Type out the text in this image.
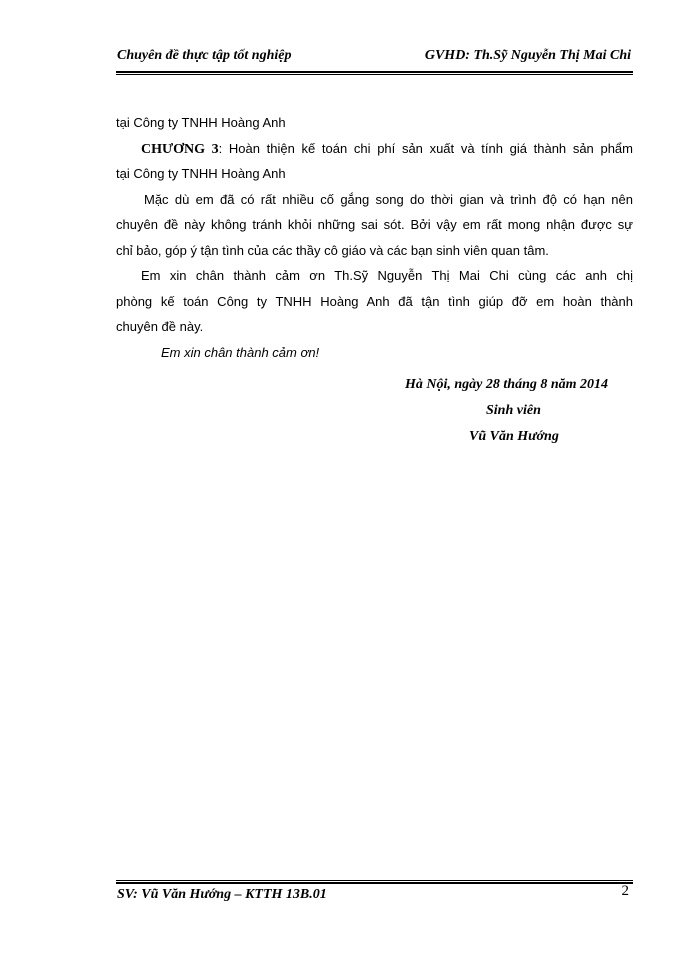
Chuyên đề thực tập tốt nghiệp	GVHD: Th.Sỹ Nguyễn Thị Mai Chi
tại Công ty TNHH Hoàng Anh
CHƯƠNG 3: Hoàn thiện kế toán chi phí sản xuất và tính giá thành sản phẩm
tại Công ty TNHH Hoàng Anh
Mặc dù em đã có rất nhiều cố gắng song do thời gian và trình độ có hạn nên
chuyên đề này không tránh khỏi những sai sót. Bởi vậy em rất mong nhận được sự
chỉ bảo, góp ý tận tình của các thầy cô giáo và các bạn sinh viên quan tâm.
Em xin chân thành cảm ơn Th.Sỹ Nguyễn Thị Mai Chi cùng các anh chị
phòng kế toán Công ty TNHH Hoàng Anh đã tận tình giúp đỡ em hoàn thành
chuyên đề này.
Em xin chân thành cảm ơn!
Hà Nội, ngày 28 tháng 8 năm 2014
Sinh viên
Vũ Văn Hướng
SV: Vũ Văn Hướng – KTTH 13B.01	2
